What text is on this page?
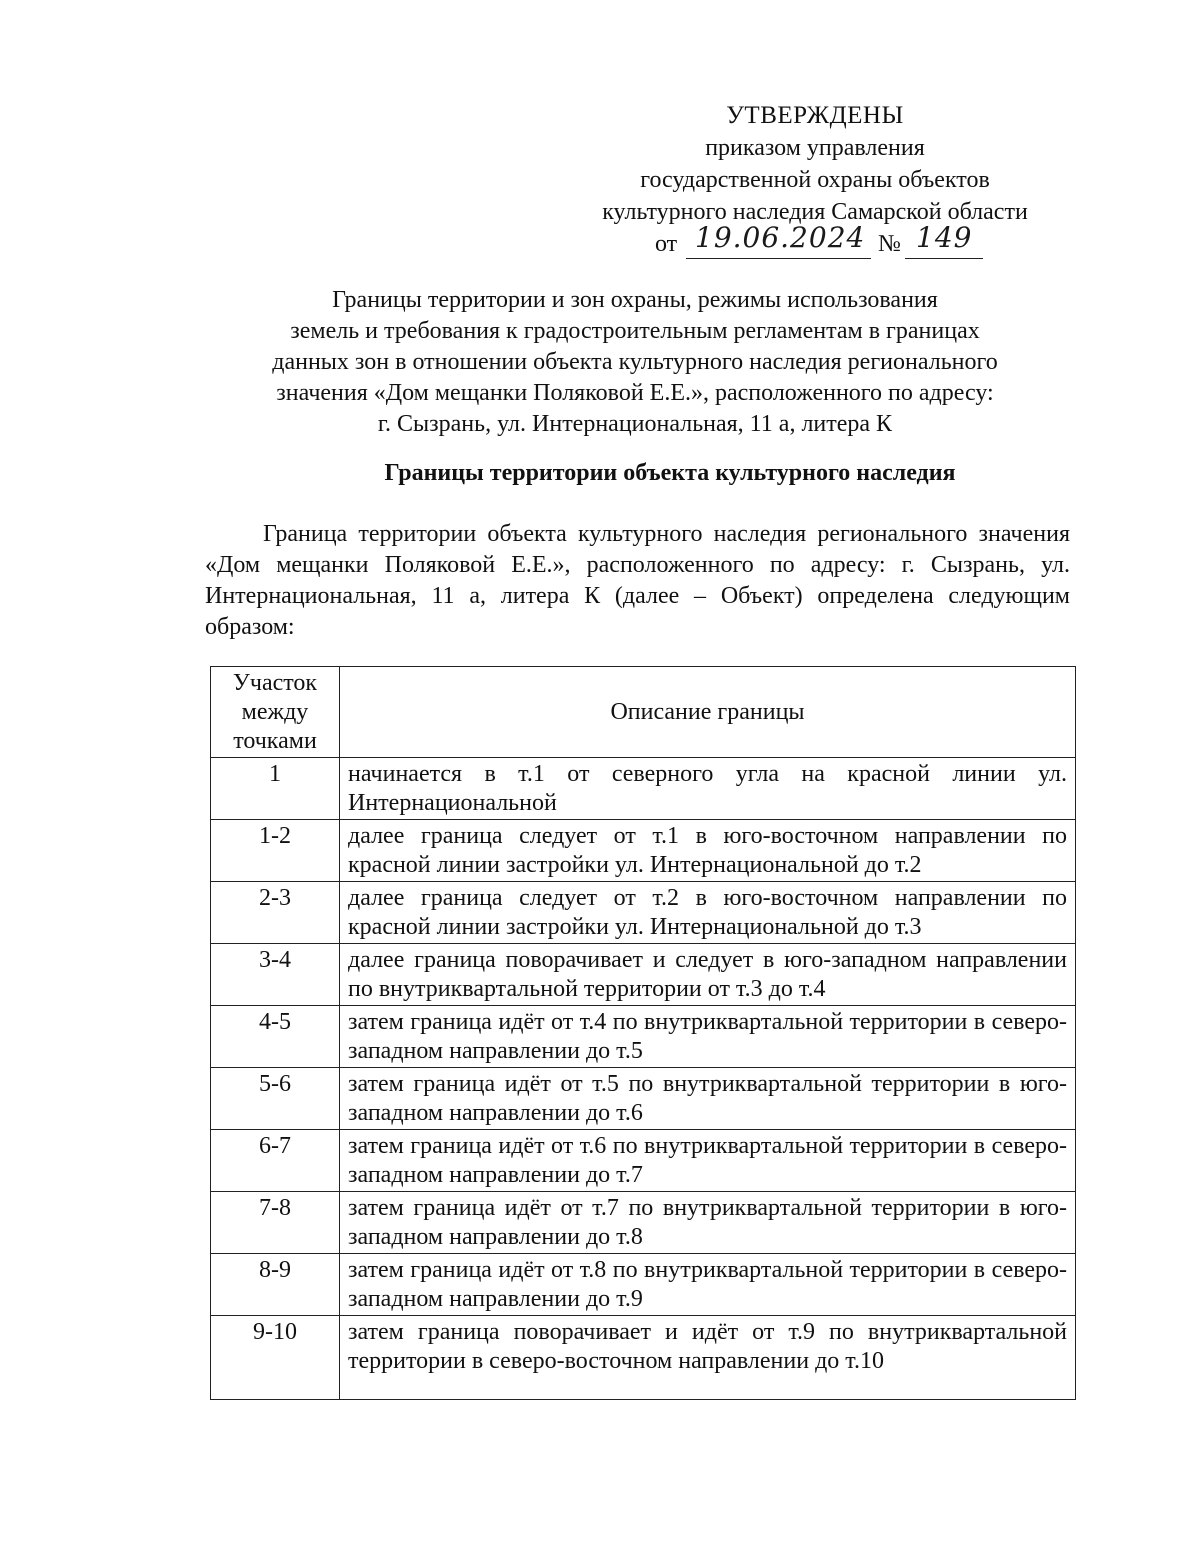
УТВЕРЖДЕНЫ
приказом управления
государственной охраны объектов
культурного наследия Самарской области
от 19.06.2024 № 149
Границы территории и зон охраны, режимы использования
земель и требования к градостроительным регламентам в границах
данных зон в отношении объекта культурного наследия регионального
значения «Дом мещанки Поляковой Е.Е.», расположенного по адресу:
г. Сызрань, ул. Интернациональная, 11 а, литера К
Границы территории объекта культурного наследия
Граница территории объекта культурного наследия регионального значения «Дом мещанки Поляковой Е.Е.», расположенного по адресу: г. Сызрань, ул. Интернациональная, 11 а, литера К (далее – Объект) определена следующим образом:
Участок между точками	Описание границы
1	начинается в т.1 от северного угла на красной линии ул. Интернациональной
1-2	далее граница следует от т.1 в юго-восточном направлении по красной линии застройки ул. Интернациональной до т.2
2-3	далее граница следует от т.2 в юго-восточном направлении по красной линии застройки ул. Интернациональной до т.3
3-4	далее граница поворачивает и следует в юго-западном направлении по внутриквартальной территории от т.3 до т.4
4-5	затем граница идёт от т.4 по внутриквартальной территории в северо-западном направлении до т.5
5-6	затем граница идёт от т.5 по внутриквартальной территории в юго-западном направлении до т.6
6-7	затем граница идёт от т.6 по внутриквартальной территории в северо-западном направлении до т.7
7-8	затем граница идёт от т.7 по внутриквартальной территории в юго-западном направлении до т.8
8-9	затем граница идёт от т.8 по внутриквартальной территории в северо-западном направлении до т.9
9-10	затем граница поворачивает и идёт от т.9 по внутриквартальной территории в северо-восточном направлении до т.10
